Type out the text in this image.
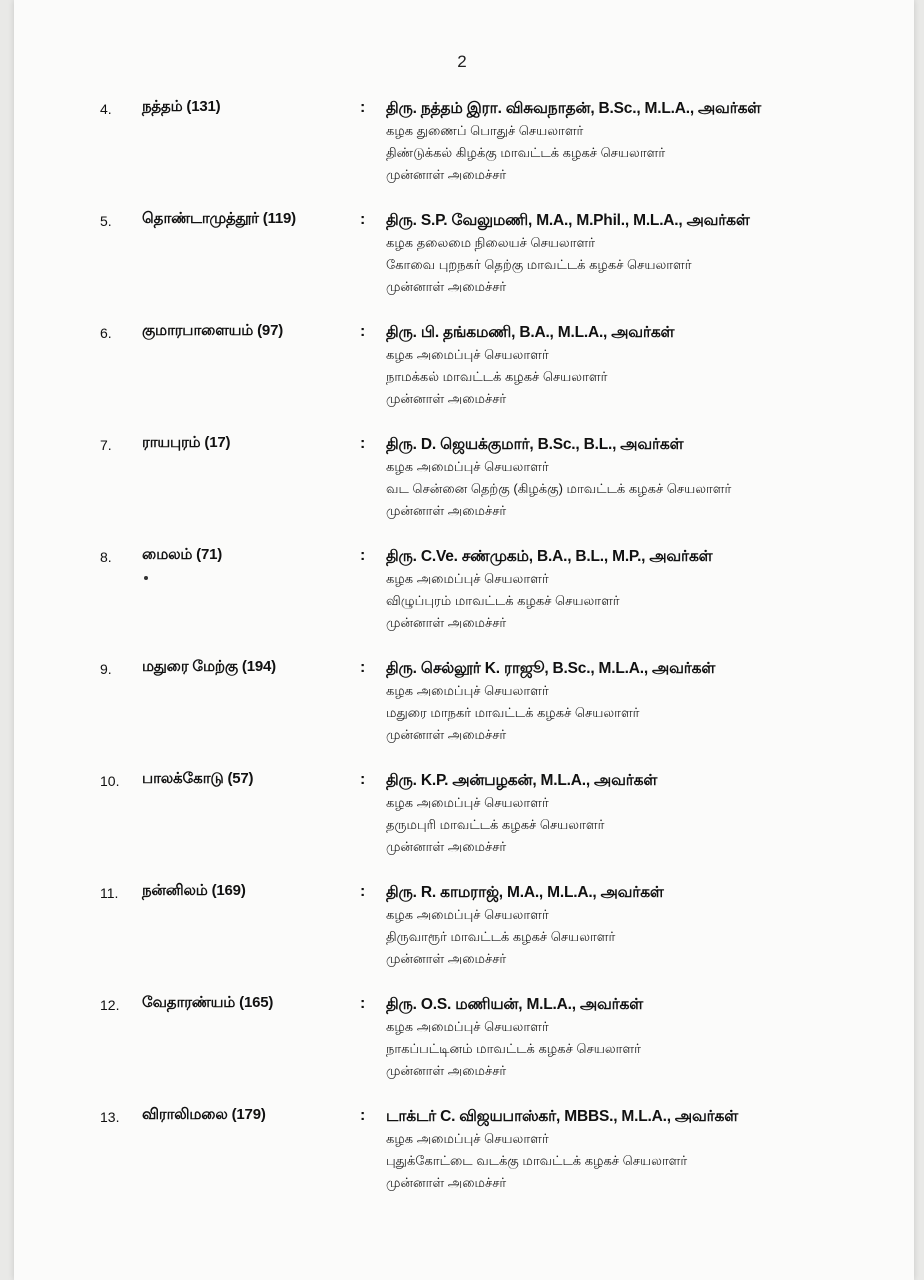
2
4.	நத்தம் (131)	: திரு. நத்தம் இரா. விசுவநாதன், B.Sc., M.L.A., அவர்கள்
கழக துணைப் பொதுச் செயலாளர்
திண்டுக்கல் கிழக்கு மாவட்டக் கழகச் செயலாளர்
முன்னாள் அமைச்சர்
5.	தொண்டாமுத்தூர் (119)	: திரு. S.P. வேலுமணி, M.A., M.Phil., M.L.A., அவர்கள்
கழக தலைமை நிலையச் செயலாளர்
கோவை புறநகர் தெற்கு மாவட்டக் கழகச் செயலாளர்
முன்னாள் அமைச்சர்
6.	குமாரபாளையம் (97)	: திரு. பி. தங்கமணி, B.A., M.L.A., அவர்கள்
கழக அமைப்புச் செயலாளர்
நாமக்கல் மாவட்டக் கழகச் செயலாளர்
முன்னாள் அமைச்சர்
7.	ராயபுரம் (17)	: திரு. D. ஜெயக்குமார், B.Sc., B.L., அவர்கள்
கழக அமைப்புச் செயலாளர்
வட சென்னை தெற்கு (கிழக்கு) மாவட்டக் கழகச் செயலாளர்
முன்னாள் அமைச்சர்
8.	மைலம் (71)	: திரு. C.Ve. சண்முகம், B.A., B.L., M.P., அவர்கள்
கழக அமைப்புச் செயலாளர்
விழுப்புரம் மாவட்டக் கழகச் செயலாளர்
முன்னாள் அமைச்சர்
9.	மதுரை மேற்கு (194)	: திரு. செல்லூர் K. ராஜூ, B.Sc., M.L.A., அவர்கள்
கழக அமைப்புச் செயலாளர்
மதுரை மாநகர் மாவட்டக் கழகச் செயலாளர்
முன்னாள் அமைச்சர்
10.	பாலக்கோடு (57)	: திரு. K.P. அன்பழகன், M.L.A., அவர்கள்
கழக அமைப்புச் செயலாளர்
தருமபுரி மாவட்டக் கழகச் செயலாளர்
முன்னாள் அமைச்சர்
11.	நன்னிலம் (169)	: திரு. R. காமராஜ், M.A., M.L.A., அவர்கள்
கழக அமைப்புச் செயலாளர்
திருவாரூர் மாவட்டக் கழகச் செயலாளர்
முன்னாள் அமைச்சர்
12.	வேதாரண்யம் (165)	: திரு. O.S. மணியன், M.L.A., அவர்கள்
கழக அமைப்புச் செயலாளர்
நாகப்பட்டினம் மாவட்டக் கழகச் செயலாளர்
முன்னாள் அமைச்சர்
13.	விராலிமலை (179)	: டாக்டர் C. விஜயபாஸ்கர், MBBS., M.L.A., அவர்கள்
கழக அமைப்புச் செயலாளர்
புதுக்கோட்டை வடக்கு மாவட்டக் கழகச் செயலாளர்
முன்னாள் அமைச்சர்
